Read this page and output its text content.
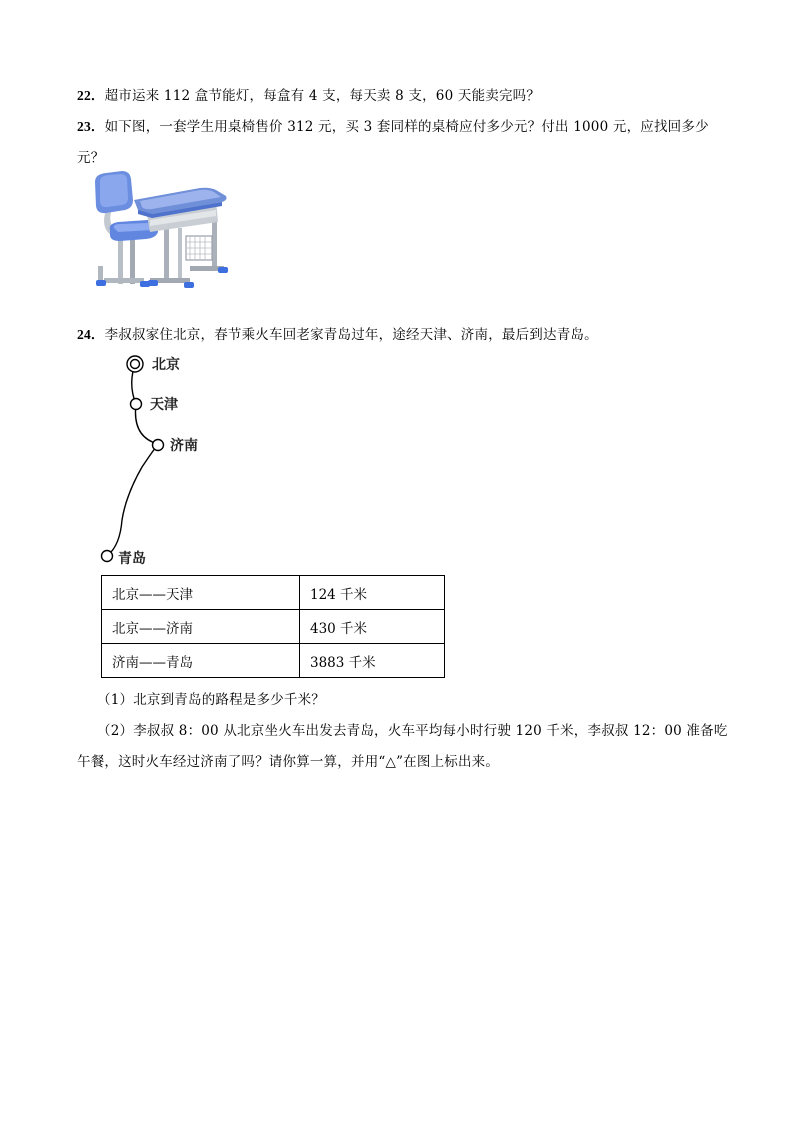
22．超市运来 112 盒节能灯，每盒有 4 支，每天卖 8 支，60 天能卖完吗？
23．如下图，一套学生用桌椅售价 312 元，买 3 套同样的桌椅应付多少元？付出 1000 元，应找回多少
元？
24．李叔叔家住北京，春节乘火车回老家青岛过年，途经天津、济南，最后到达青岛。
北京
天津
济南
青岛
北京——天津	124 千米
北京——济南	430 千米
济南——青岛	3883 千米
（1）北京到青岛的路程是多少千米？
（2）李叔叔 8：00 从北京坐火车出发去青岛，火车平均每小时行驶 120 千米，李叔叔 12：00 准备吃
午餐，这时火车经过济南了吗？请你算一算，并用“△”在图上标出来。
